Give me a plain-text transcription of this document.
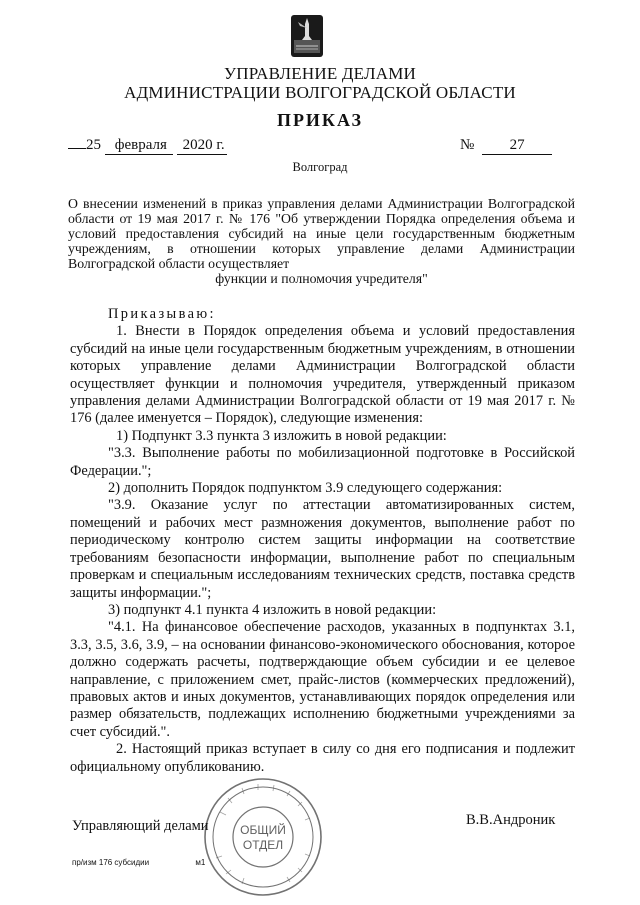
УПРАВЛЕНИЕ ДЕЛАМИ
АДМИНИСТРАЦИИ ВОЛГОГРАДСКОЙ ОБЛАСТИ
ПРИКАЗ
25 февраля 2020 г.	№ 27
Волгоград
О внесении изменений в приказ управления делами Администрации Волгоградской области от 19 мая 2017 г. № 176 "Об утверждении Порядка определения объема и условий предоставления субсидий на иные цели государственным бюджетным учреждениям, в отношении которых управление делами Администрации Волгоградской области осуществляет
функции и полномочия учредителя"

Приказываю:

1. Внести в Порядок определения объема и условий предоставления субсидий на иные цели государственным бюджетным учреждениям, в отношении которых управление делами Администрации Волгоградской области осуществляет функции и полномочия учредителя, утвержденный приказом управления делами Администрации Волгоградской области от 19 мая 2017 г. № 176 (далее именуется – Порядок), следующие изменения:

1) Подпункт 3.3 пункта 3 изложить в новой редакции:

"3.3. Выполнение работы по мобилизационной подготовке в Российской Федерации.";

2) дополнить Порядок подпунктом 3.9 следующего содержания:

"3.9. Оказание услуг по аттестации автоматизированных систем, помещений и рабочих мест размножения документов, выполнение работ по периодическому контролю систем защиты информации на соответствие требованиям безопасности информации, выполнение работ по специальным проверкам и специальным исследованиям технических средств, поставка средств защиты информации.";

3) подпункт 4.1 пункта 4 изложить в новой редакции:

"4.1. На финансовое обеспечение расходов, указанных в подпунктах 3.1, 3.3, 3.5, 3.6, 3.9, – на основании финансово-экономического обоснования, которое должно содержать расчеты, подтверждающие объем субсидии и ее целевое направление, с приложением смет, прайс-листов (коммерческих предложений), правовых актов и иных документов, устанавливающих порядок определения или размер обязательств, подлежащих исполнению бюджетными учреждениями за счет субсидий.".

2. Настоящий приказ вступает в силу со дня его подписания и подлежит официальному опубликованию.

ОБЩИЙ
ОТДЕЛ
Управляющий делами	В.В.Андроник
пр/изм 176 субсидии	м1
